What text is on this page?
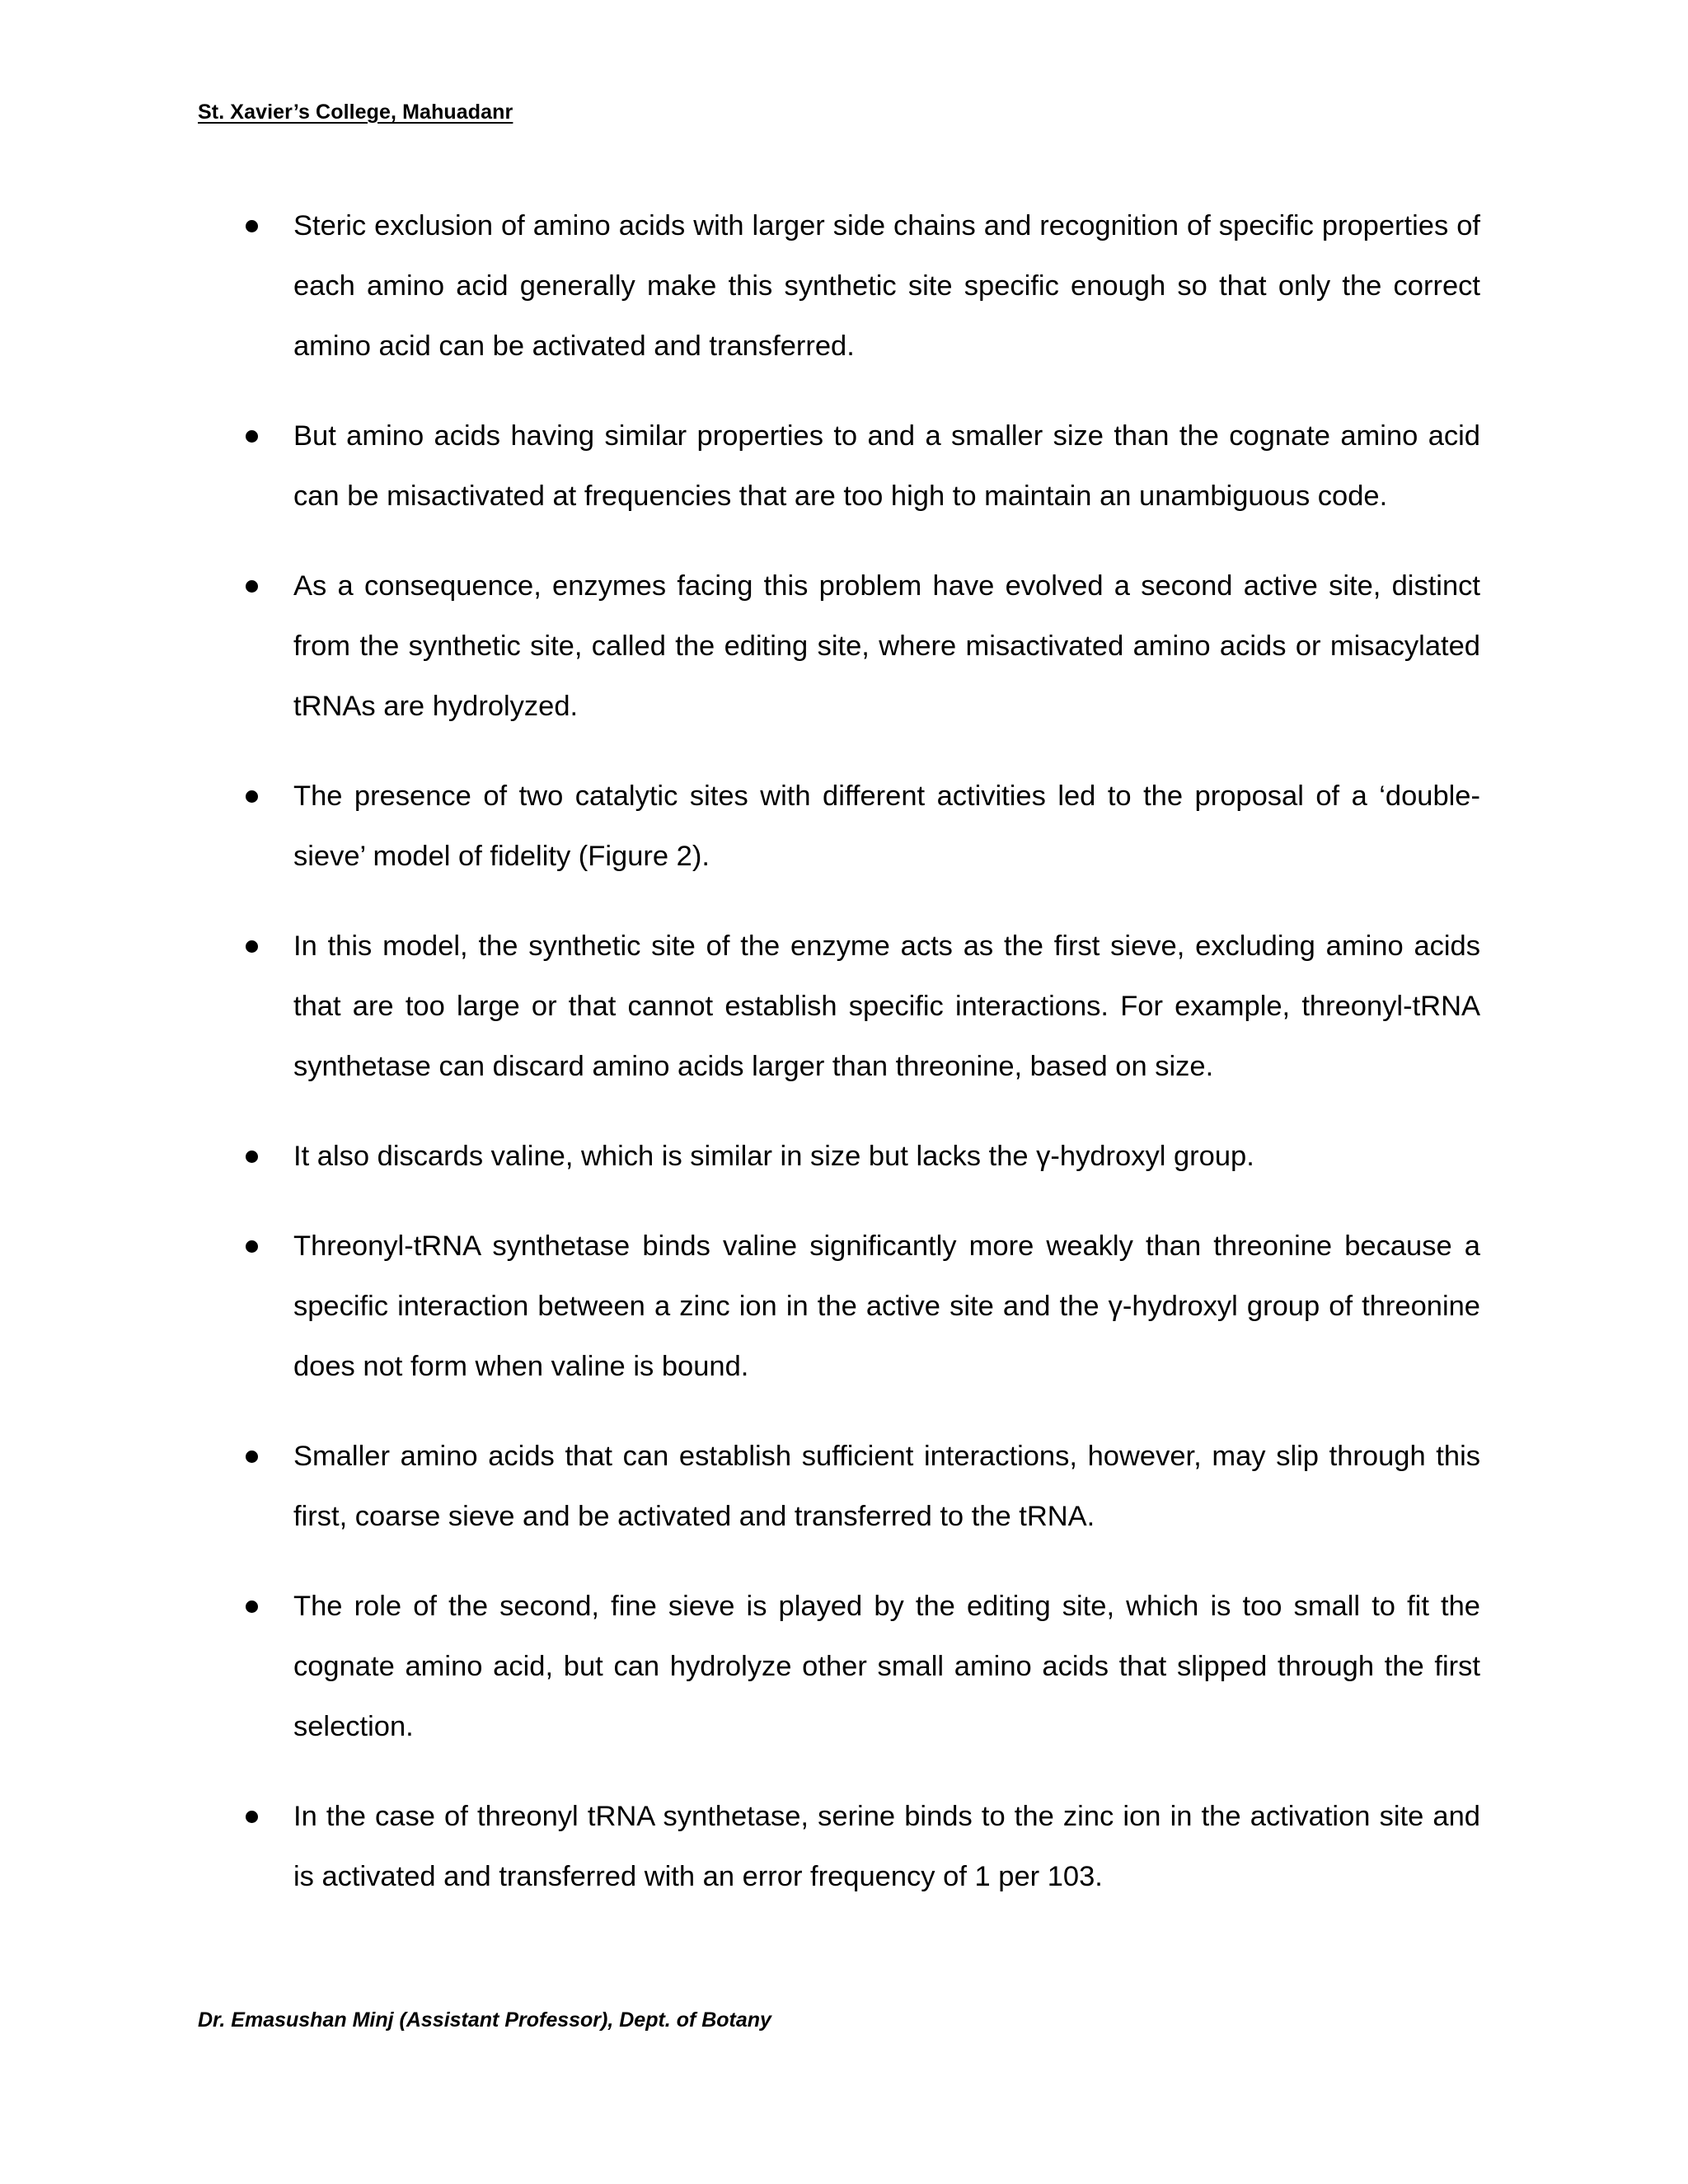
St. Xavier’s College, Mahuadanr
Steric exclusion of amino acids with larger side chains and recognition of specific properties of each amino acid generally make this synthetic site specific enough so that only the correct amino acid can be activated and transferred.
But amino acids having similar properties to and a smaller size than the cognate amino acid can be misactivated at frequencies that are too high to maintain an unambiguous code.
As a consequence, enzymes facing this problem have evolved a second active site, distinct from the synthetic site, called the editing site, where misactivated amino acids or misacylated tRNAs are hydrolyzed.
The presence of two catalytic sites with different activities led to the proposal of a ‘double-sieve’ model of fidelity (Figure 2).
In this model, the synthetic site of the enzyme acts as the first sieve, excluding amino acids that are too large or that cannot establish specific interactions. For example, threonyl-tRNA synthetase can discard amino acids larger than threonine, based on size.
It also discards valine, which is similar in size but lacks the γ-hydroxyl group.
Threonyl-tRNA synthetase binds valine significantly more weakly than threonine because a specific interaction between a zinc ion in the active site and the γ-hydroxyl group of threonine does not form when valine is bound.
Smaller amino acids that can establish sufficient interactions, however, may slip through this first, coarse sieve and be activated and transferred to the tRNA.
The role of the second, fine sieve is played by the editing site, which is too small to fit the cognate amino acid, but can hydrolyze other small amino acids that slipped through the first selection.
In the case of threonyl tRNA synthetase, serine binds to the zinc ion in the activation site and is activated and transferred with an error frequency of 1 per 103.
Dr. Emasushan Minj (Assistant Professor), Dept. of Botany
